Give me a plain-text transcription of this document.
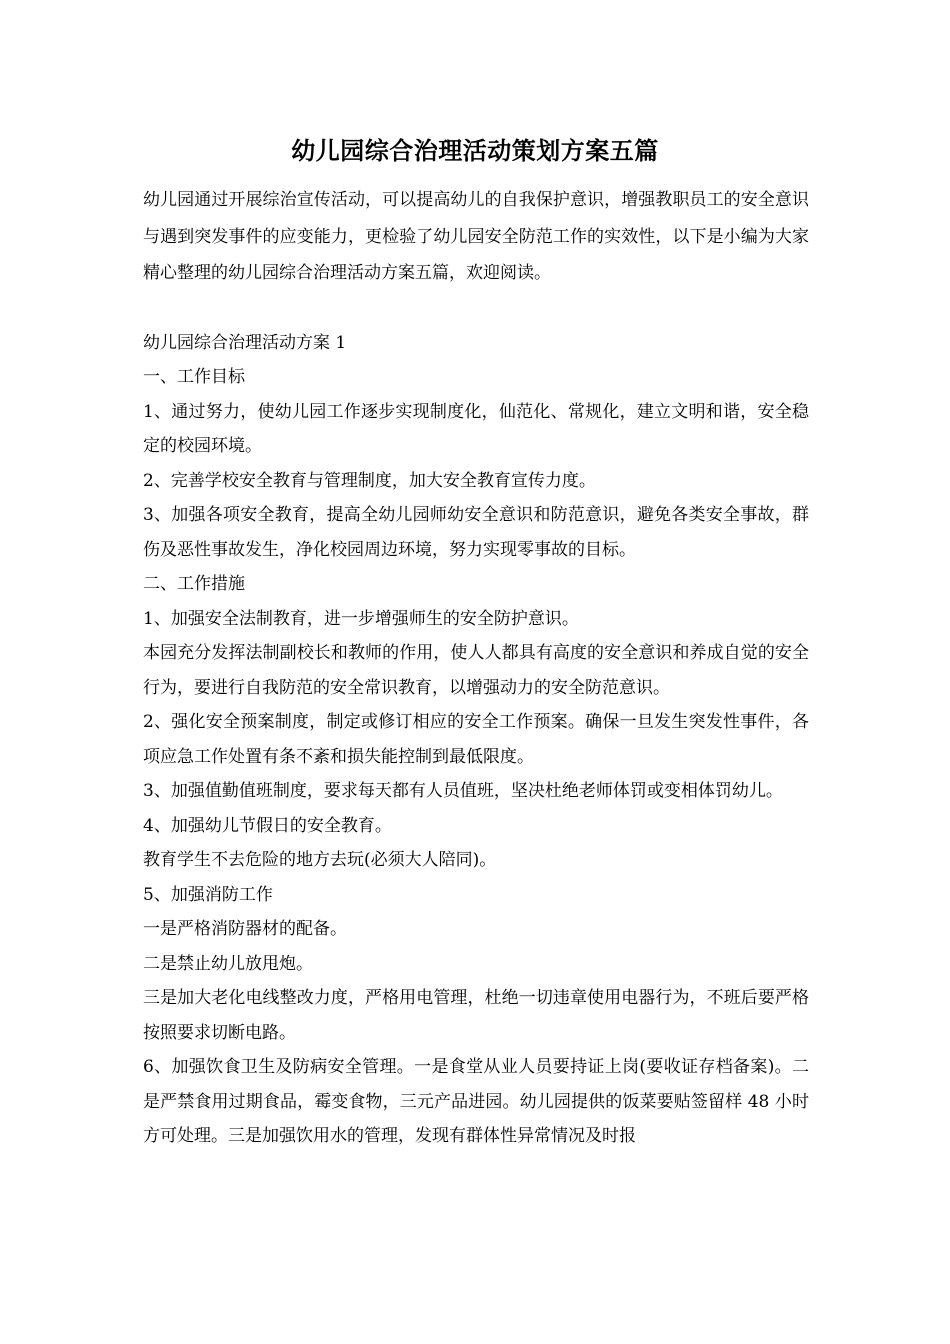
幼儿园综合治理活动策划方案五篇

幼儿园通过开展综治宣传活动，可以提高幼儿的自我保护意识，增强教职员工的安全意识与遇到突发事件的应变能力，更检验了幼儿园安全防范工作的实效性，以下是小编为大家精心整理的幼儿园综合治理活动方案五篇，欢迎阅读。

幼儿园综合治理活动方案 1

一、工作目标

1、通过努力，使幼儿园工作逐步实现制度化，仙范化、常规化，建立文明和谐，安全稳定的校园环境。

2、完善学校安全教育与管理制度，加大安全教育宣传力度。

3、加强各项安全教育，提高全幼儿园师幼安全意识和防范意识，避免各类安全事故，群伤及恶性事故发生，净化校园周边环境，努力实现零事故的目标。

二、工作措施

1、加强安全法制教育，进一步增强师生的安全防护意识。

本园充分发挥法制副校长和教师的作用，使人人都具有高度的安全意识和养成自觉的安全行为，要进行自我防范的安全常识教育，以增强动力的安全防范意识。

2、强化安全预案制度，制定或修订相应的安全工作预案。确保一旦发生突发性事件，各项应急工作处置有条不紊和损失能控制到最低限度。

3、加强值勤值班制度，要求每天都有人员值班，坚决杜绝老师体罚或变相体罚幼儿。

4、加强幼儿节假日的安全教育。

教育学生不去危险的地方去玩(必须大人陪同)。

5、加强消防工作

一是严格消防器材的配备。

二是禁止幼儿放甩炮。

三是加大老化电线整改力度，严格用电管理，杜绝一切违章使用电器行为，不班后要严格按照要求切断电路。

6、加强饮食卫生及防病安全管理。一是食堂从业人员要持证上岗(要收证存档备案)。二是严禁食用过期食品，霉变食物，三元产品进园。幼儿园提供的饭菜要贴签留样 48 小时方可处理。三是加强饮用水的管理，发现有群体性异常情况及时报
